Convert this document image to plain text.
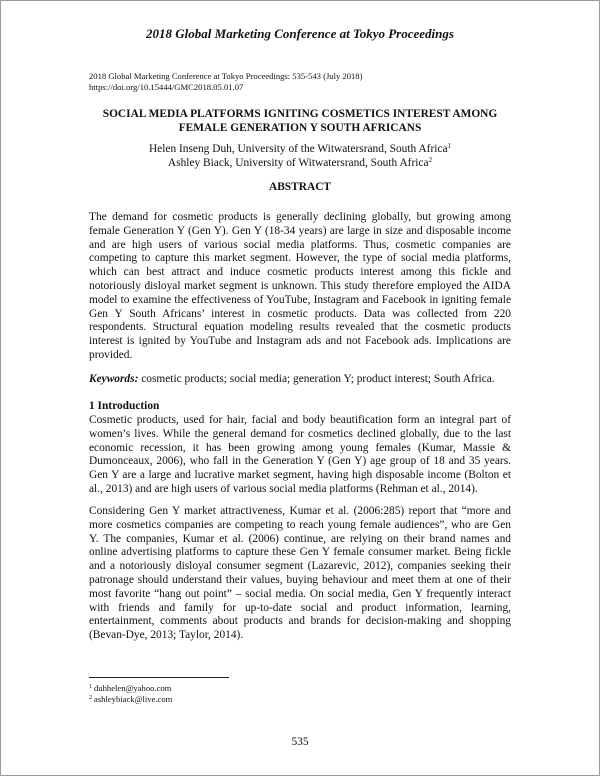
2018 Global Marketing Conference at Tokyo Proceedings
2018 Global Marketing Conference at Tokyo Proceedings: 535-543 (July 2018)
https://doi.org/10.15444/GMC2018.05.01.07
SOCIAL MEDIA PLATFORMS IGNITING COSMETICS INTEREST AMONG
FEMALE GENERATION Y SOUTH AFRICANS
Helen Inseng Duh, University of the Witwatersrand, South Africa$^1$
Ashley Biack, University of Witwatersrand, South Africa$^2$
ABSTRACT
The demand for cosmetic products is generally declining globally, but growing among female Generation Y (Gen Y). Gen Y (18-34 years) are large in size and disposable income and are high users of various social media platforms. Thus, cosmetic companies are competing to capture this market segment. However, the type of social media platforms, which can best attract and induce cosmetic products interest among this fickle and notoriously disloyal market segment is unknown. This study therefore employed the AIDA model to examine the effectiveness of YouTube, Instagram and Facebook in igniting female Gen Y South Africans’ interest in cosmetic products. Data was collected from 220 respondents. Structural equation modeling results revealed that the cosmetic products interest is ignited by YouTube and Instagram ads and not Facebook ads. Implications are provided.
Keywords: cosmetic products; social media; generation Y; product interest; South Africa.
1 Introduction
Cosmetic products, used for hair, facial and body beautification form an integral part of women’s lives. While the general demand for cosmetics declined globally, due to the last economic recession, it has been growing among young females (Kumar, Massie & Dumonceaux, 2006), who fall in the Generation Y (Gen Y) age group of 18 and 35 years. Gen Y are a large and lucrative market segment, having high disposable income (Bolton et al., 2013) and are high users of various social media platforms (Rehman et al., 2014).
Considering Gen Y market attractiveness, Kumar et al. (2006:285) report that “more and more cosmetics companies are competing to reach young female audiences”, who are Gen Y. The companies, Kumar et al. (2006) continue, are relying on their brand names and online advertising platforms to capture these Gen Y female consumer market. Being fickle and a notoriously disloyal consumer segment (Lazarevic, 2012), companies seeking their patronage should understand their values, buying behaviour and meet them at one of their most favorite “hang out point” – social media. On social media, Gen Y frequently interact with friends and family for up-to-date social and product information, learning, entertainment, comments about products and brands for decision-making and shopping (Bevan-Dye, 2013; Taylor, 2014).
$^1$ duhhelen@yahoo.com
$^2$ ashleybiack@live.com
535
